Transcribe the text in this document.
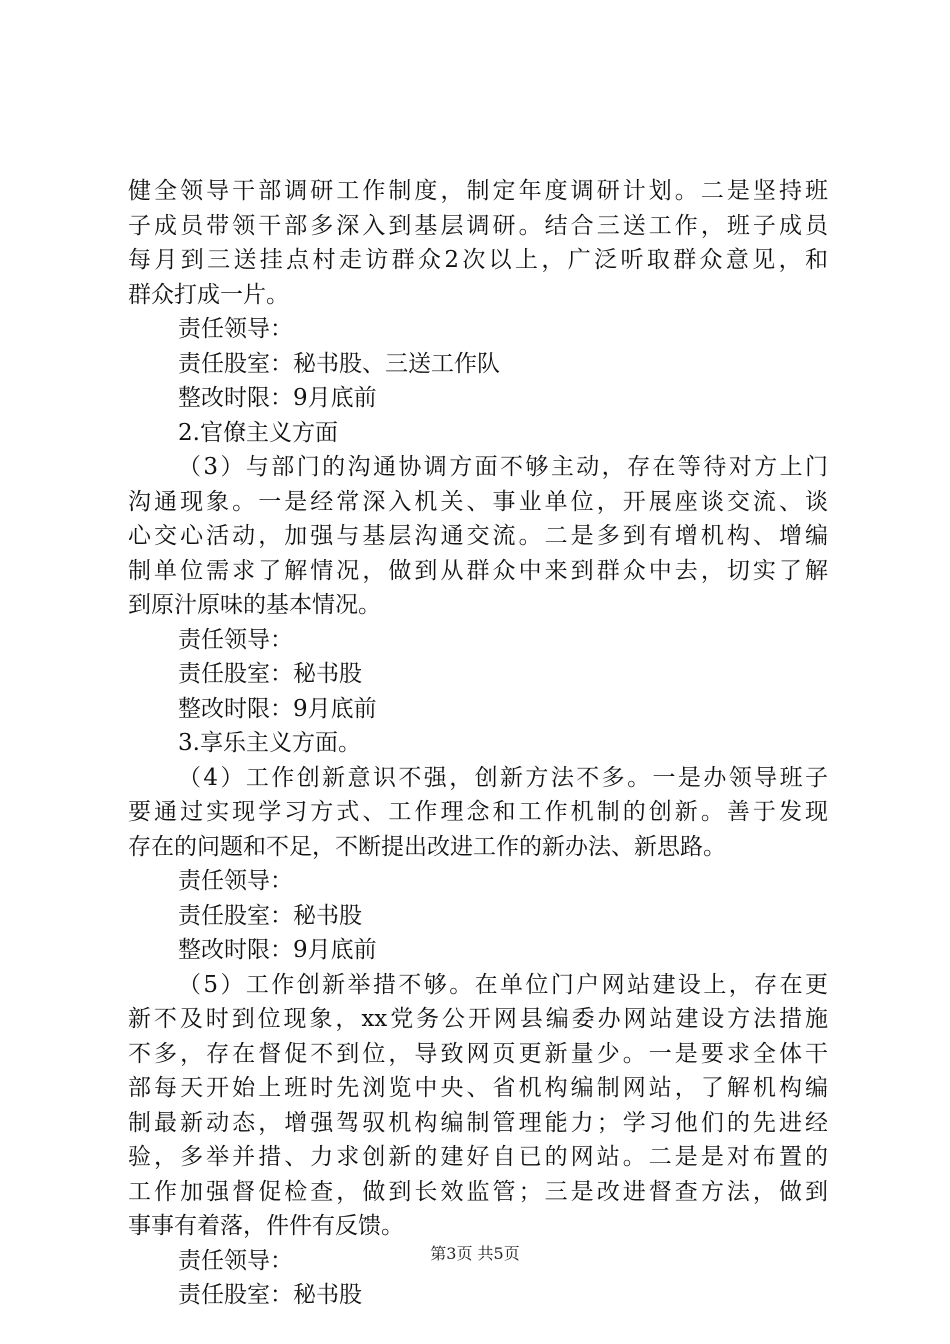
健全领导干部调研工作制度，制定年度调研计划。二是坚持班
子成员带领干部多深入到基层调研。结合三送工作，班子成员
每月到三送挂点村走访群众2次以上，广泛听取群众意见，和
群众打成一片。
责任领导：
责任股室：秘书股、三送工作队
整改时限：9月底前
2.官僚主义方面
（3）与部门的沟通协调方面不够主动，存在等待对方上门
沟通现象。一是经常深入机关、事业单位，开展座谈交流、谈
心交心活动，加强与基层沟通交流。二是多到有增机构、增编
制单位需求了解情况，做到从群众中来到群众中去，切实了解
到原汁原味的基本情况。
责任领导：
责任股室：秘书股
整改时限：9月底前
3.享乐主义方面。
（4）工作创新意识不强，创新方法不多。一是办领导班子
要通过实现学习方式、工作理念和工作机制的创新。善于发现
存在的问题和不足，不断提出改进工作的新办法、新思路。
责任领导：
责任股室：秘书股
整改时限：9月底前
（5）工作创新举措不够。在单位门户网站建设上，存在更
新不及时到位现象，xx党务公开网县编委办网站建设方法措施
不多，存在督促不到位，导致网页更新量少。一是要求全体干
部每天开始上班时先浏览中央、省机构编制网站，了解机构编
制最新动态，增强驾驭机构编制管理能力；学习他们的先进经
验，多举并措、力求创新的建好自已的网站。二是是对布置的
工作加强督促检查，做到长效监管；三是改进督查方法，做到
事事有着落，件件有反馈。
责任领导：
责任股室：秘书股
第3页 共5页
